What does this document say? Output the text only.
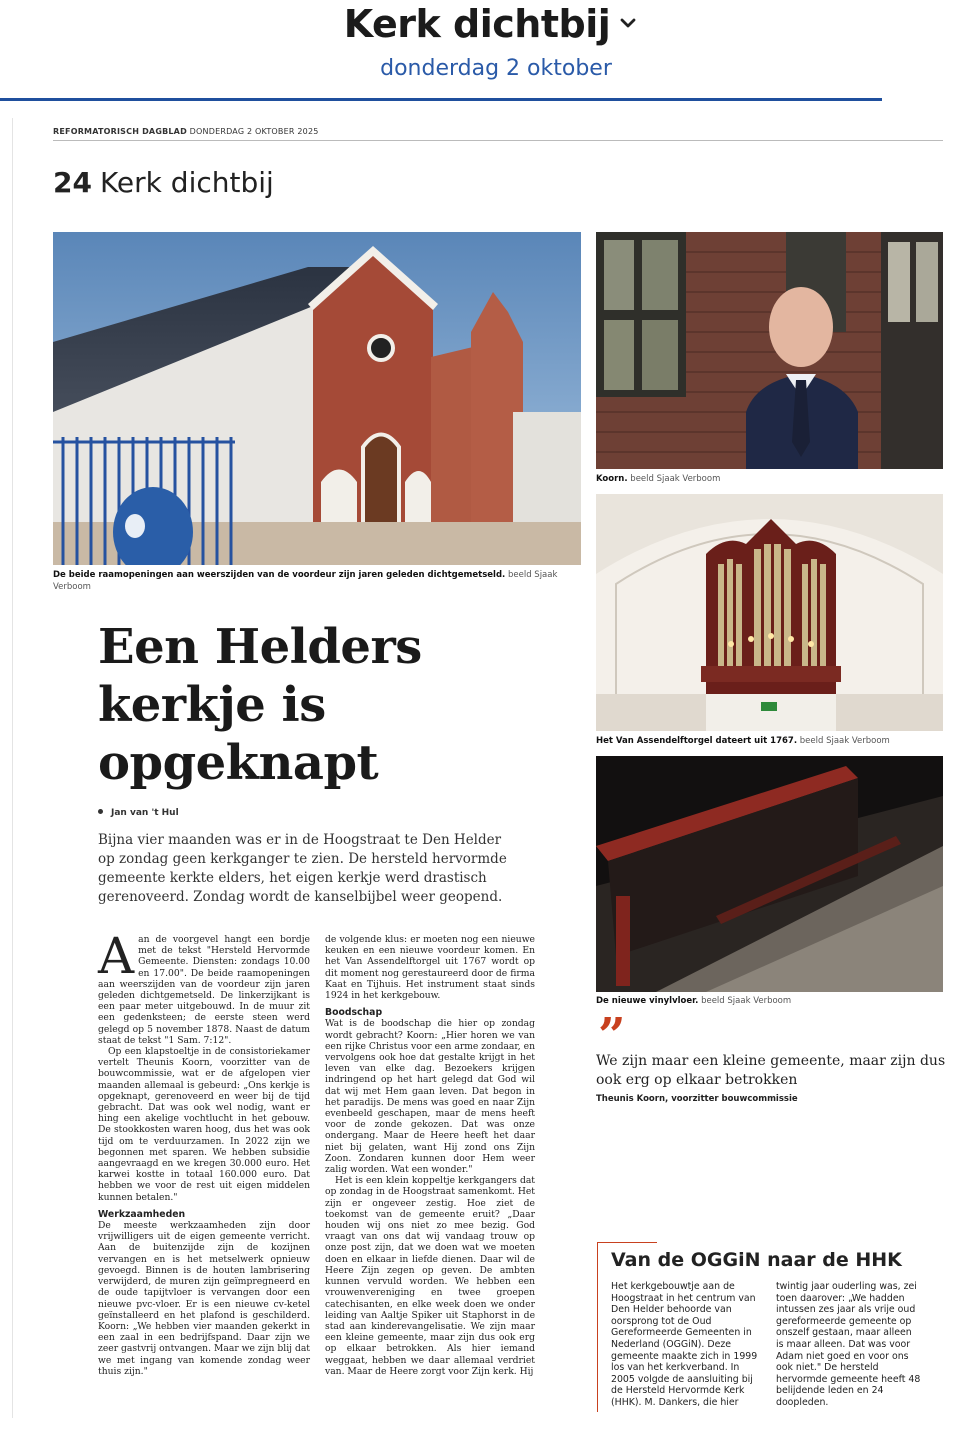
Kerk dichtbij
donderdag 2 oktober
REFORMATORISCH DAGBLAD DONDERDAG 2 OKTOBER 2025
24 Kerk dichtbij
De beide raamopeningen aan weerszijden van de voordeur zijn jaren geleden dichtgemetseld. beeld Sjaak Verboom
Koorn. beeld Sjaak Verboom
Het Van Assendelftorgel dateert uit 1767. beeld Sjaak Verboom
De nieuwe vinylvloer. beeld Sjaak Verboom
Een Helders kerkje is opgeknapt
Jan van 't Hul

Bijna vier maanden was er in de Hoogstraat te Den Helder op zondag geen kerkganger te zien. De hersteld hervormde gemeente kerkte elders, het eigen kerkje werd drastisch gerenoveerd. Zondag wordt de kanselbijbel weer geopend.

Aan de voorgevel hangt een bordje met de tekst "Hersteld Hervormde Gemeente. Diensten: zondags 10.00 en 17.00". De beide raamopeningen aan weerszijden van de voordeur zijn jaren geleden dichtgemetseld. De linkerzijkant is een paar meter uitgebouwd. In de muur zit een gedenksteen; de eerste steen werd gelegd op 5 november 1878. Naast de datum staat de tekst "1 Sam. 7:12".

Op een klapstoeltje in de consistoriekamer vertelt Theunis Koorn, voorzitter van de bouwcommissie, wat er de afgelopen vier maanden allemaal is gebeurd: „Ons kerkje is opgeknapt, gerenoveerd en weer bij de tijd gebracht. Dat was ook wel nodig, want er hing een akelige vochtlucht in het gebouw. De stookkosten waren hoog, dus het was ook tijd om te verduurzamen. In 2022 zijn we begonnen met sparen. We hebben subsidie aangevraagd en we kregen 30.000 euro. Het karwei kostte in totaal 160.000 euro. Dat hebben we voor de rest uit eigen middelen kunnen betalen."

Werkzaamheden

De meeste werkzaamheden zijn door vrijwilligers uit de eigen gemeente verricht. Aan de buitenzijde zijn de kozijnen vervangen en is het metselwerk opnieuw gevoegd. Binnen is de houten lambrisering verwijderd, de muren zijn geïmpregneerd en de oude tapijtvloer is vervangen door een nieuwe pvc-vloer. Er is een nieuwe cv-ketel geïnstalleerd en het plafond is geschilderd. Koorn: „We hebben vier maanden gekerkt in een zaal in een bedrijfspand. Daar zijn we zeer gastvrij ontvangen. Maar we zijn blij dat we met ingang van komende zondag weer thuis zijn."

de volgende klus: er moeten nog een nieuwe keuken en een nieuwe voordeur komen. En het Van Assendelftorgel uit 1767 wordt op dit moment nog gerestaureerd door de firma Kaat en Tijhuis. Het instrument staat sinds 1924 in het kerkgebouw.

Boodschap

Wat is de boodschap die hier op zondag wordt gebracht? Koorn: „Hier horen we van een rijke Christus voor een arme zondaar, en vervolgens ook hoe dat gestalte krijgt in het leven van elke dag. Bezoekers krijgen indringend op het hart gelegd dat God wil dat wij met Hem gaan leven. Dat begon in het paradijs. De mens was goed en naar Zijn evenbeeld geschapen, maar de mens heeft voor de zonde gekozen. Dat was onze ondergang. Maar de Heere heeft het daar niet bij gelaten, want Hij zond ons Zijn Zoon. Zondaren kunnen door Hem weer zalig worden. Wat een wonder."

Het is een klein koppeltje kerkgangers dat op zondag in de Hoogstraat samenkomt. Het zijn er ongeveer zestig. Hoe ziet de toekomst van de gemeente eruit? „Daar houden wij ons niet zo mee bezig. God vraagt van ons dat wij vandaag trouw op onze post zijn, dat we doen wat we moeten doen en elkaar in liefde dienen. Daar wil de Heere Zijn zegen op geven. De ambten kunnen vervuld worden. We hebben een vrouwenvereniging en twee groepen catechisanten, en elke week doen we onder leiding van Aaltje Spiker uit Staphorst in de stad aan kinderevangelisatie. We zijn maar een kleine gemeente, maar zijn dus ook erg op elkaar betrokken. Als hier iemand weggaat, hebben we daar allemaal verdriet van. Maar de Heere zorgt voor Zijn kerk. Hij

”
We zijn maar een kleine gemeente, maar zijn dus ook erg op elkaar betrokken
Theunis Koorn, voorzitter bouwcommissie
Van de OGGiN naar de HHK
Het kerkgebouwtje aan de Hoogstraat in het centrum van Den Helder behoorde van oorsprong tot de Oud Gereformeerde Gemeenten in Nederland (OGGiN). Deze gemeente maakte zich in 1999 los van het kerkverband. In 2005 volgde de aansluiting bij de Hersteld Hervormde Kerk (HHK). M. Dankers, die hier
twintig jaar ouderling was, zei toen daarover: „We hadden intussen zes jaar als vrije oud gereformeerde gemeente op onszelf gestaan, maar alleen is maar alleen. Dat was voor Adam niet goed en voor ons ook niet." De hersteld hervormde gemeente heeft 48 belijdende leden en 24 doopleden.
